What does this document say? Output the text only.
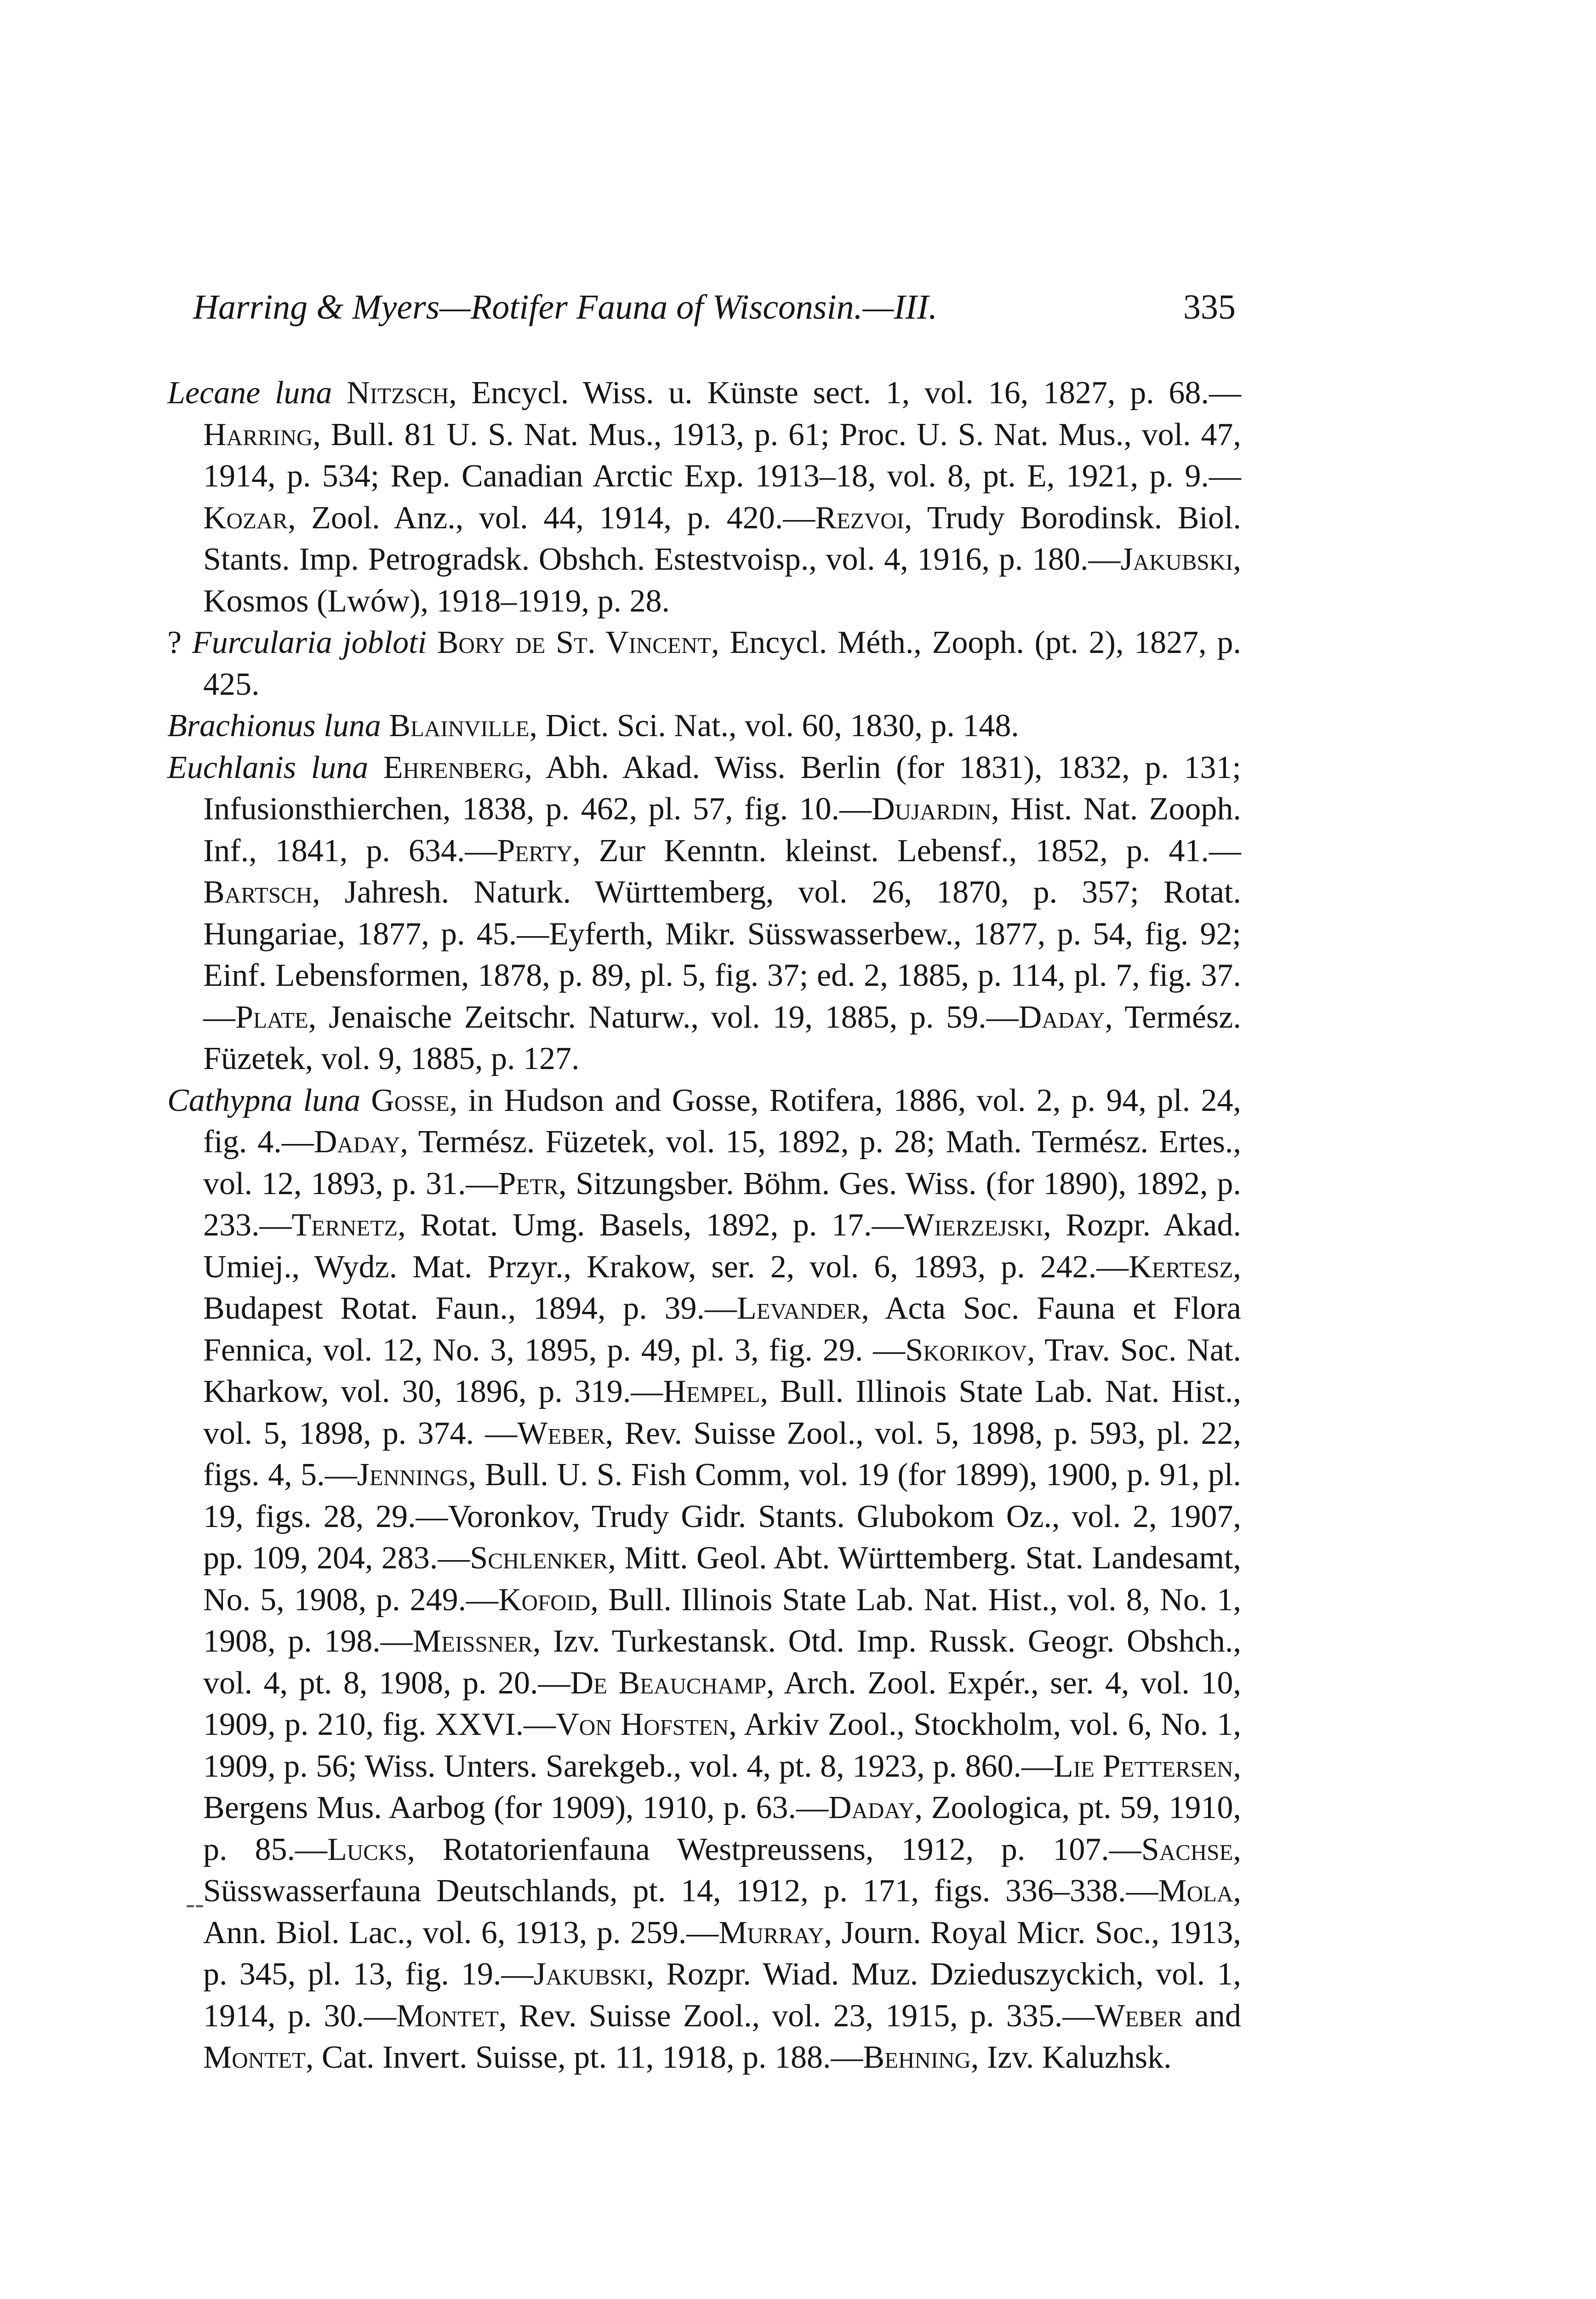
Harring & Myers—Rotifer Fauna of Wisconsin.—III.	335
Lecane luna Nitzsch, Encycl. Wiss. u. Künste sect. 1, vol. 16, 1827, p. 68.—Harring, Bull. 81 U. S. Nat. Mus., 1913, p. 61; Proc. U. S. Nat. Mus., vol. 47, 1914, p. 534; Rep. Canadian Arctic Exp. 1913–18, vol. 8, pt. E, 1921, p. 9.—Kozar, Zool. Anz., vol. 44, 1914, p. 420.—Rezvoi, Trudy Borodinsk. Biol. Stants. Imp. Petrogradsk. Obshch. Estestvoisp., vol. 4, 1916, p. 180.—Jakubski, Kosmos (Lwów), 1918–1919, p. 28.
? Furcularia jobloti Bory de St. Vincent, Encycl. Méth., Zooph. (pt. 2), 1827, p. 425.
Brachionus luna Blainville, Dict. Sci. Nat., vol. 60, 1830, p. 148.
Euchlanis luna Ehrenberg, Abh. Akad. Wiss. Berlin (for 1831), 1832, p. 131; Infusionsthierchen, 1838, p. 462, pl. 57, fig. 10.—Dujardin, Hist. Nat. Zooph. Inf., 1841, p. 634.—Perty, Zur Kenntn. kleinst. Lebensf., 1852, p. 41.—Bartsch, Jahresh. Naturk. Württemberg, vol. 26, 1870, p. 357; Rotat. Hungariae, 1877, p. 45.—Eyferth, Mikr. Süsswasserbew., 1877, p. 54, fig. 92; Einf. Lebensformen, 1878, p. 89, pl. 5, fig. 37; ed. 2, 1885, p. 114, pl. 7, fig. 37.—Plate, Jenaische Zeitschr. Naturw., vol. 19, 1885, p. 59.—Daday, Termész. Füzetek, vol. 9, 1885, p. 127.
Cathypna luna Gosse, in Hudson and Gosse, Rotifera, 1886, vol. 2, p. 94, pl. 24, fig. 4.—Daday, Termész. Füzetek, vol. 15, 1892, p. 28; Math. Termész. Ertes., vol. 12, 1893, p. 31.—Petr, Sitzungsber. Böhm. Ges. Wiss. (for 1890), 1892, p. 233.—Ternetz, Rotat. Umg. Basels, 1892, p. 17.—Wierzejski, Rozpr. Akad. Umiej., Wydz. Mat. Przyr., Krakow, ser. 2, vol. 6, 1893, p. 242.—Kertesz, Budapest Rotat. Faun., 1894, p. 39.—Levander, Acta Soc. Fauna et Flora Fennica, vol. 12, No. 3, 1895, p. 49, pl. 3, fig. 29. —Skorikov, Trav. Soc. Nat. Kharkow, vol. 30, 1896, p. 319.—Hempel, Bull. Illinois State Lab. Nat. Hist., vol. 5, 1898, p. 374. —Weber, Rev. Suisse Zool., vol. 5, 1898, p. 593, pl. 22, figs. 4, 5.—Jennings, Bull. U. S. Fish Comm, vol. 19 (for 1899), 1900, p. 91, pl. 19, figs. 28, 29.—Voronkov, Trudy Gidr. Stants. Glubokom Oz., vol. 2, 1907, pp. 109, 204, 283.—Schlenker, Mitt. Geol. Abt. Württemberg. Stat. Landesamt, No. 5, 1908, p. 249.—Kofoid, Bull. Illinois State Lab. Nat. Hist., vol. 8, No. 1, 1908, p. 198.—Meissner, Izv. Turkestansk. Otd. Imp. Russk. Geogr. Obshch., vol. 4, pt. 8, 1908, p. 20.—De Beauchamp, Arch. Zool. Expér., ser. 4, vol. 10, 1909, p. 210, fig. XXVI.—Von Hofsten, Arkiv Zool., Stockholm, vol. 6, No. 1, 1909, p. 56; Wiss. Unters. Sarekgeb., vol. 4, pt. 8, 1923, p. 860.—Lie Pettersen, Bergens Mus. Aarbog (for 1909), 1910, p. 63.—Daday, Zoologica, pt. 59, 1910, p. 85.—Lucks, Rotatorienfauna Westpreussens, 1912, p. 107.—Sachse, Süsswasserfauna Deutschlands, pt. 14, 1912, p. 171, figs. 336–338.—Mola, Ann. Biol. Lac., vol. 6, 1913, p. 259.—Murray, Journ. Royal Micr. Soc., 1913, p. 345, pl. 13, fig. 19.—Jakubski, Rozpr. Wiad. Muz. Dzieduszyckich, vol. 1, 1914, p. 30.—Montet, Rev. Suisse Zool., vol. 23, 1915, p. 335.—Weber and Montet, Cat. Invert. Suisse, pt. 11, 1918, p. 188.—Behning, Izv. Kaluzhsk.
--
